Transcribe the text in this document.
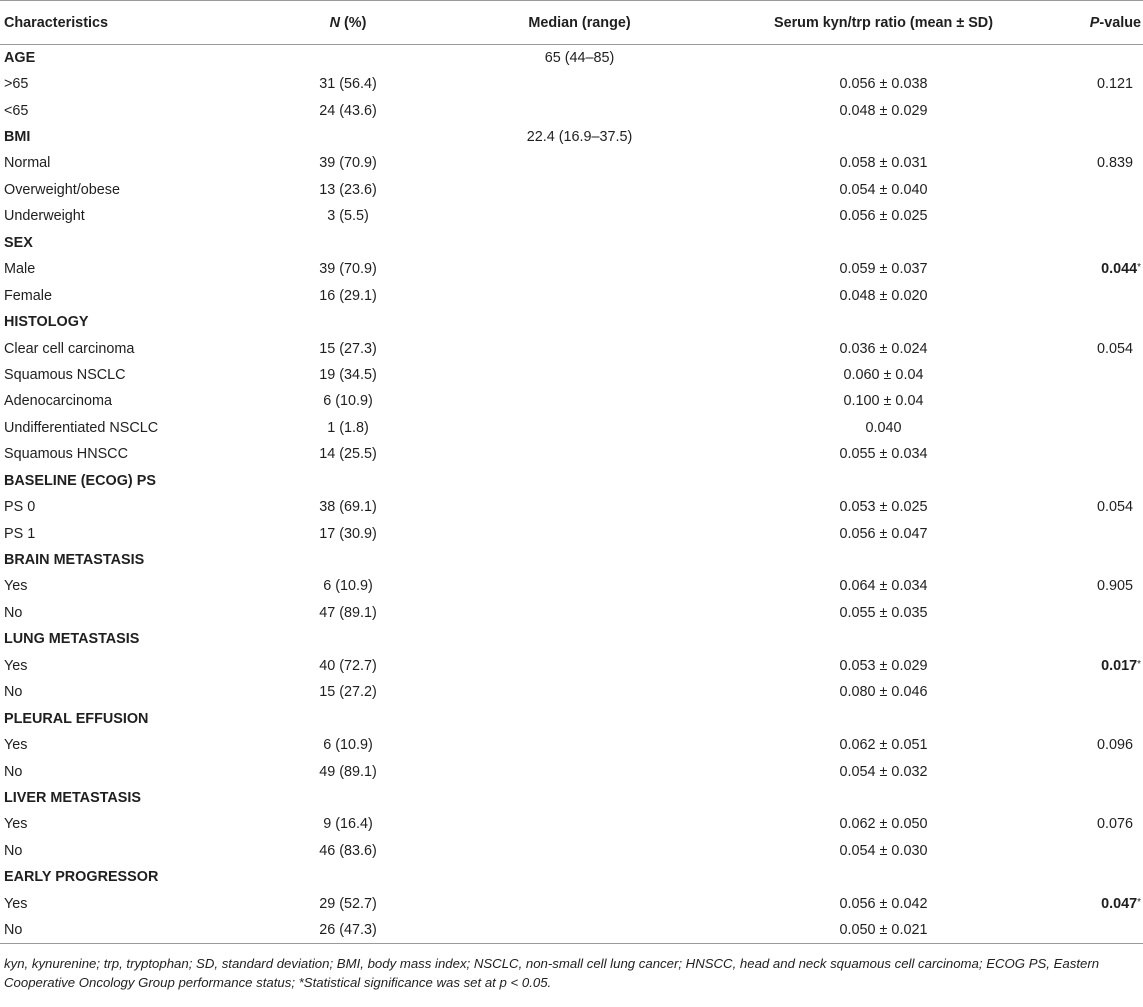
Characteristics	N (%)	Median (range)	Serum kyn/trp ratio (mean ± SD)	P-value
AGE		65 (44–85)		
>65	31 (56.4)		0.056 ± 0.038	0.121
<65	24 (43.6)		0.048 ± 0.029	
BMI		22.4 (16.9–37.5)		
Normal	39 (70.9)		0.058 ± 0.031	0.839
Overweight/obese	13 (23.6)		0.054 ± 0.040	
Underweight	3 (5.5)		0.056 ± 0.025	
SEX				
Male	39 (70.9)		0.059 ± 0.037	0.044*
Female	16 (29.1)		0.048 ± 0.020	
HISTOLOGY				
Clear cell carcinoma	15 (27.3)		0.036 ± 0.024	0.054
Squamous NSCLC	19 (34.5)		0.060 ± 0.04	
Adenocarcinoma	6 (10.9)		0.100 ± 0.04	
Undifferentiated NSCLC	1 (1.8)		0.040	
Squamous HNSCC	14 (25.5)		0.055 ± 0.034	
BASELINE (ECOG) PS				
PS 0	38 (69.1)		0.053 ± 0.025	0.054
PS 1	17 (30.9)		0.056 ± 0.047	
BRAIN METASTASIS				
Yes	6 (10.9)		0.064 ± 0.034	0.905
No	47 (89.1)		0.055 ± 0.035	
LUNG METASTASIS				
Yes	40 (72.7)		0.053 ± 0.029	0.017*
No	15 (27.2)		0.080 ± 0.046	
PLEURAL EFFUSION				
Yes	6 (10.9)		0.062 ± 0.051	0.096
No	49 (89.1)		0.054 ± 0.032	
LIVER METASTASIS				
Yes	9 (16.4)		0.062 ± 0.050	0.076
No	46 (83.6)		0.054 ± 0.030	
EARLY PROGRESSOR				
Yes	29 (52.7)		0.056 ± 0.042	0.047*
No	26 (47.3)		0.050 ± 0.021	
kyn, kynurenine; trp, tryptophan; SD, standard deviation; BMI, body mass index; NSCLC, non-small cell lung cancer; HNSCC, head and neck squamous cell carcinoma; ECOG PS, Eastern Cooperative Oncology Group performance status; *Statistical significance was set at p < 0.05.
